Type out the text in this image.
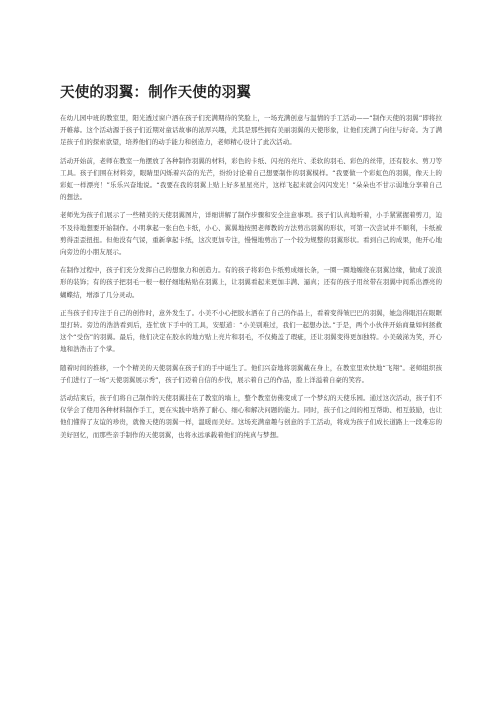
天使的羽翼：制作天使的羽翼

在幼儿园中班的教室里，阳光透过窗户洒在孩子们充满期待的笑脸上，一场充满创意与温情的手工活动——“制作天使的羽翼”即将拉开帷幕。这个活动源于孩子们近期对童话故事的浓厚兴趣，尤其是那些拥有美丽羽翼的天使形象，让他们充满了向往与好奇。为了满足孩子们的探索欲望，培养他们的动手能力和创造力，老师精心设计了此次活动。

活动开始前，老师在教室一角摆放了各种制作羽翼的材料，彩色的卡纸、闪亮的亮片、柔软的羽毛、彩色的丝带，还有胶水、剪刀等工具。孩子们围在材料旁，眼睛里闪烁着兴奋的光芒，纷纷讨论着自己想要制作的羽翼模样。“我要做一个彩虹色的羽翼，像天上的彩虹一样漂亮！”乐乐兴奋地说。“我要在我的羽翼上贴上好多星星亮片，这样飞起来就会闪闪发光！”朵朵也不甘示弱地分享着自己的想法。

老师先为孩子们展示了一些精美的天使羽翼图片，详细讲解了制作步骤和安全注意事项。孩子们认真地听着，小手紧紧握着剪刀，迫不及待地想要开始制作。小明拿起一张白色卡纸，小心、翼翼地按照老师教的方法剪出羽翼的形状，可第一次尝试并不顺利，卡纸被剪得歪歪扭扭。但他没有气馁，重新拿起卡纸，这次更加专注，慢慢地剪出了一个较为规整的羽翼形状。看到自己的成果，他开心地向旁边的小朋友展示。

在制作过程中，孩子们充分发挥自己的想象力和创造力。有的孩子将彩色卡纸剪成细长条，一圈一圈地缠绕在羽翼边缘，做成了波浪形的装饰；有的孩子把羽毛一根一根仔细地粘贴在羽翼上，让羽翼看起来更加丰满、逼真；还有的孩子用丝带在羽翼中间系出漂亮的蝴蝶结，增添了几分灵动。

正当孩子们专注于自己的创作时，意外发生了。小美不小心把胶水洒在了自己的作品上，看着变得皱巴巴的羽翼，她急得眼泪在眼眶里打转。旁边的浩浩看到后，连忙放下手中的工具，安慰道：“小美别难过，我们一起想办法。”于是，两个小伙伴开始商量如何拯救这个“受伤”的羽翼。最后，他们决定在胶水的地方贴上亮片和羽毛，不仅掩盖了瑕疵，还让羽翼变得更加独特。小美破涕为笑，开心地和浩浩击了个掌。

随着时间的推移，一个个精美的天使羽翼在孩子们的手中诞生了。他们兴奋地将羽翼戴在身上，在教室里欢快地“飞翔”。老师组织孩子们进行了一场“天使羽翼展示秀”，孩子们迈着自信的步伐，展示着自己的作品，脸上洋溢着自豪的笑容。

活动结束后，孩子们将自己制作的天使羽翼挂在了教室的墙上，整个教室仿佛变成了一个梦幻的天使乐园。通过这次活动，孩子们不仅学会了使用各种材料制作手工，更在实践中培养了耐心、细心和解决问题的能力。同时，孩子们之间的相互帮助、相互鼓励，也让他们懂得了友谊的珍贵，就像天使的羽翼一样，温暖而美好。这场充满童趣与创意的手工活动，将成为孩子们成长道路上一段难忘的美好回忆，而那些亲手制作的天使羽翼，也将永远承载着他们的纯真与梦想。
